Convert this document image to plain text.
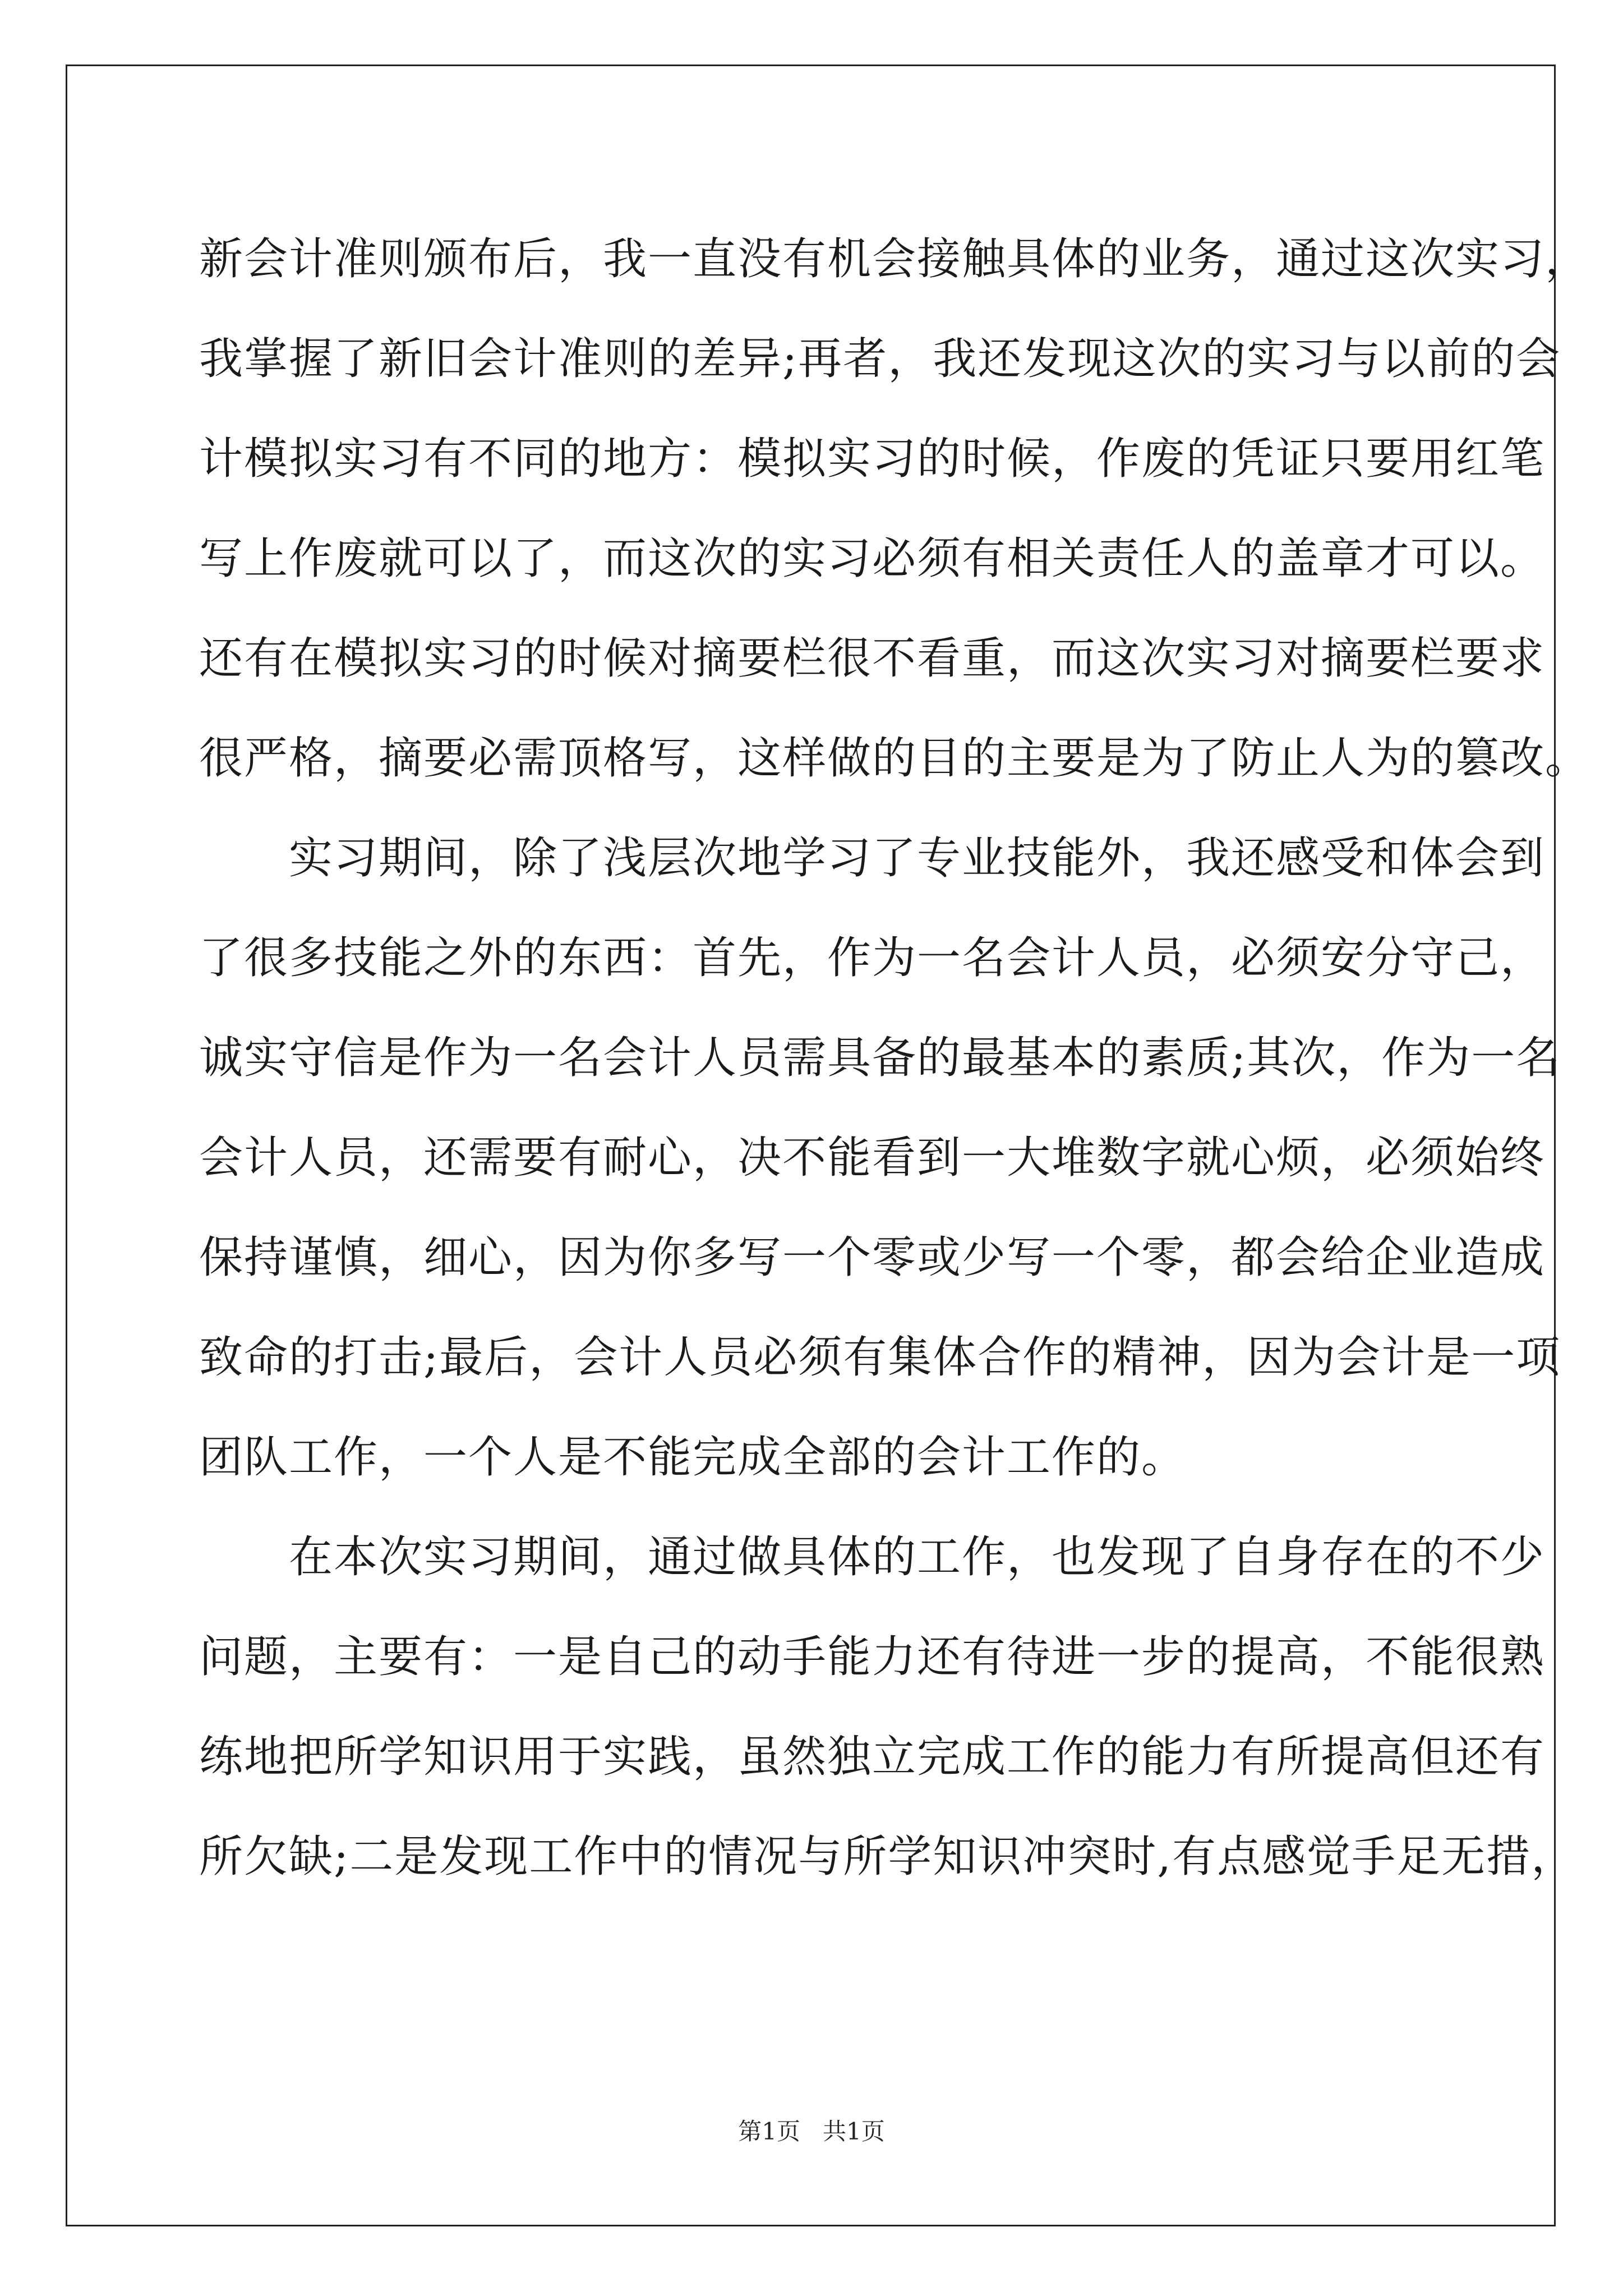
新会计准则颁布后，我一直没有机会接触具体的业务，通过这次实习，
我掌握了新旧会计准则的差异;再者，我还发现这次的实习与以前的会
计模拟实习有不同的地方：模拟实习的时候，作废的凭证只要用红笔
写上作废就可以了，而这次的实习必须有相关责任人的盖章才可以。
还有在模拟实习的时候对摘要栏很不看重，而这次实习对摘要栏要求
很严格，摘要必需顶格写，这样做的目的主要是为了防止人为的篡改。
　　实习期间，除了浅层次地学习了专业技能外，我还感受和体会到
了很多技能之外的东西：首先，作为一名会计人员，必须安分守己，
诚实守信是作为一名会计人员需具备的最基本的素质;其次，作为一名
会计人员，还需要有耐心，决不能看到一大堆数字就心烦，必须始终
保持谨慎，细心，因为你多写一个零或少写一个零，都会给企业造成
致命的打击;最后，会计人员必须有集体合作的精神，因为会计是一项
团队工作，一个人是不能完成全部的会计工作的。
　　在本次实习期间，通过做具体的工作，也发现了自身存在的不少
问题，主要有：一是自己的动手能力还有待进一步的提高，不能很熟
练地把所学知识用于实践，虽然独立完成工作的能力有所提高但还有
所欠缺;二是发现工作中的情况与所学知识冲突时,有点感觉手足无措，
第1页 共1页
